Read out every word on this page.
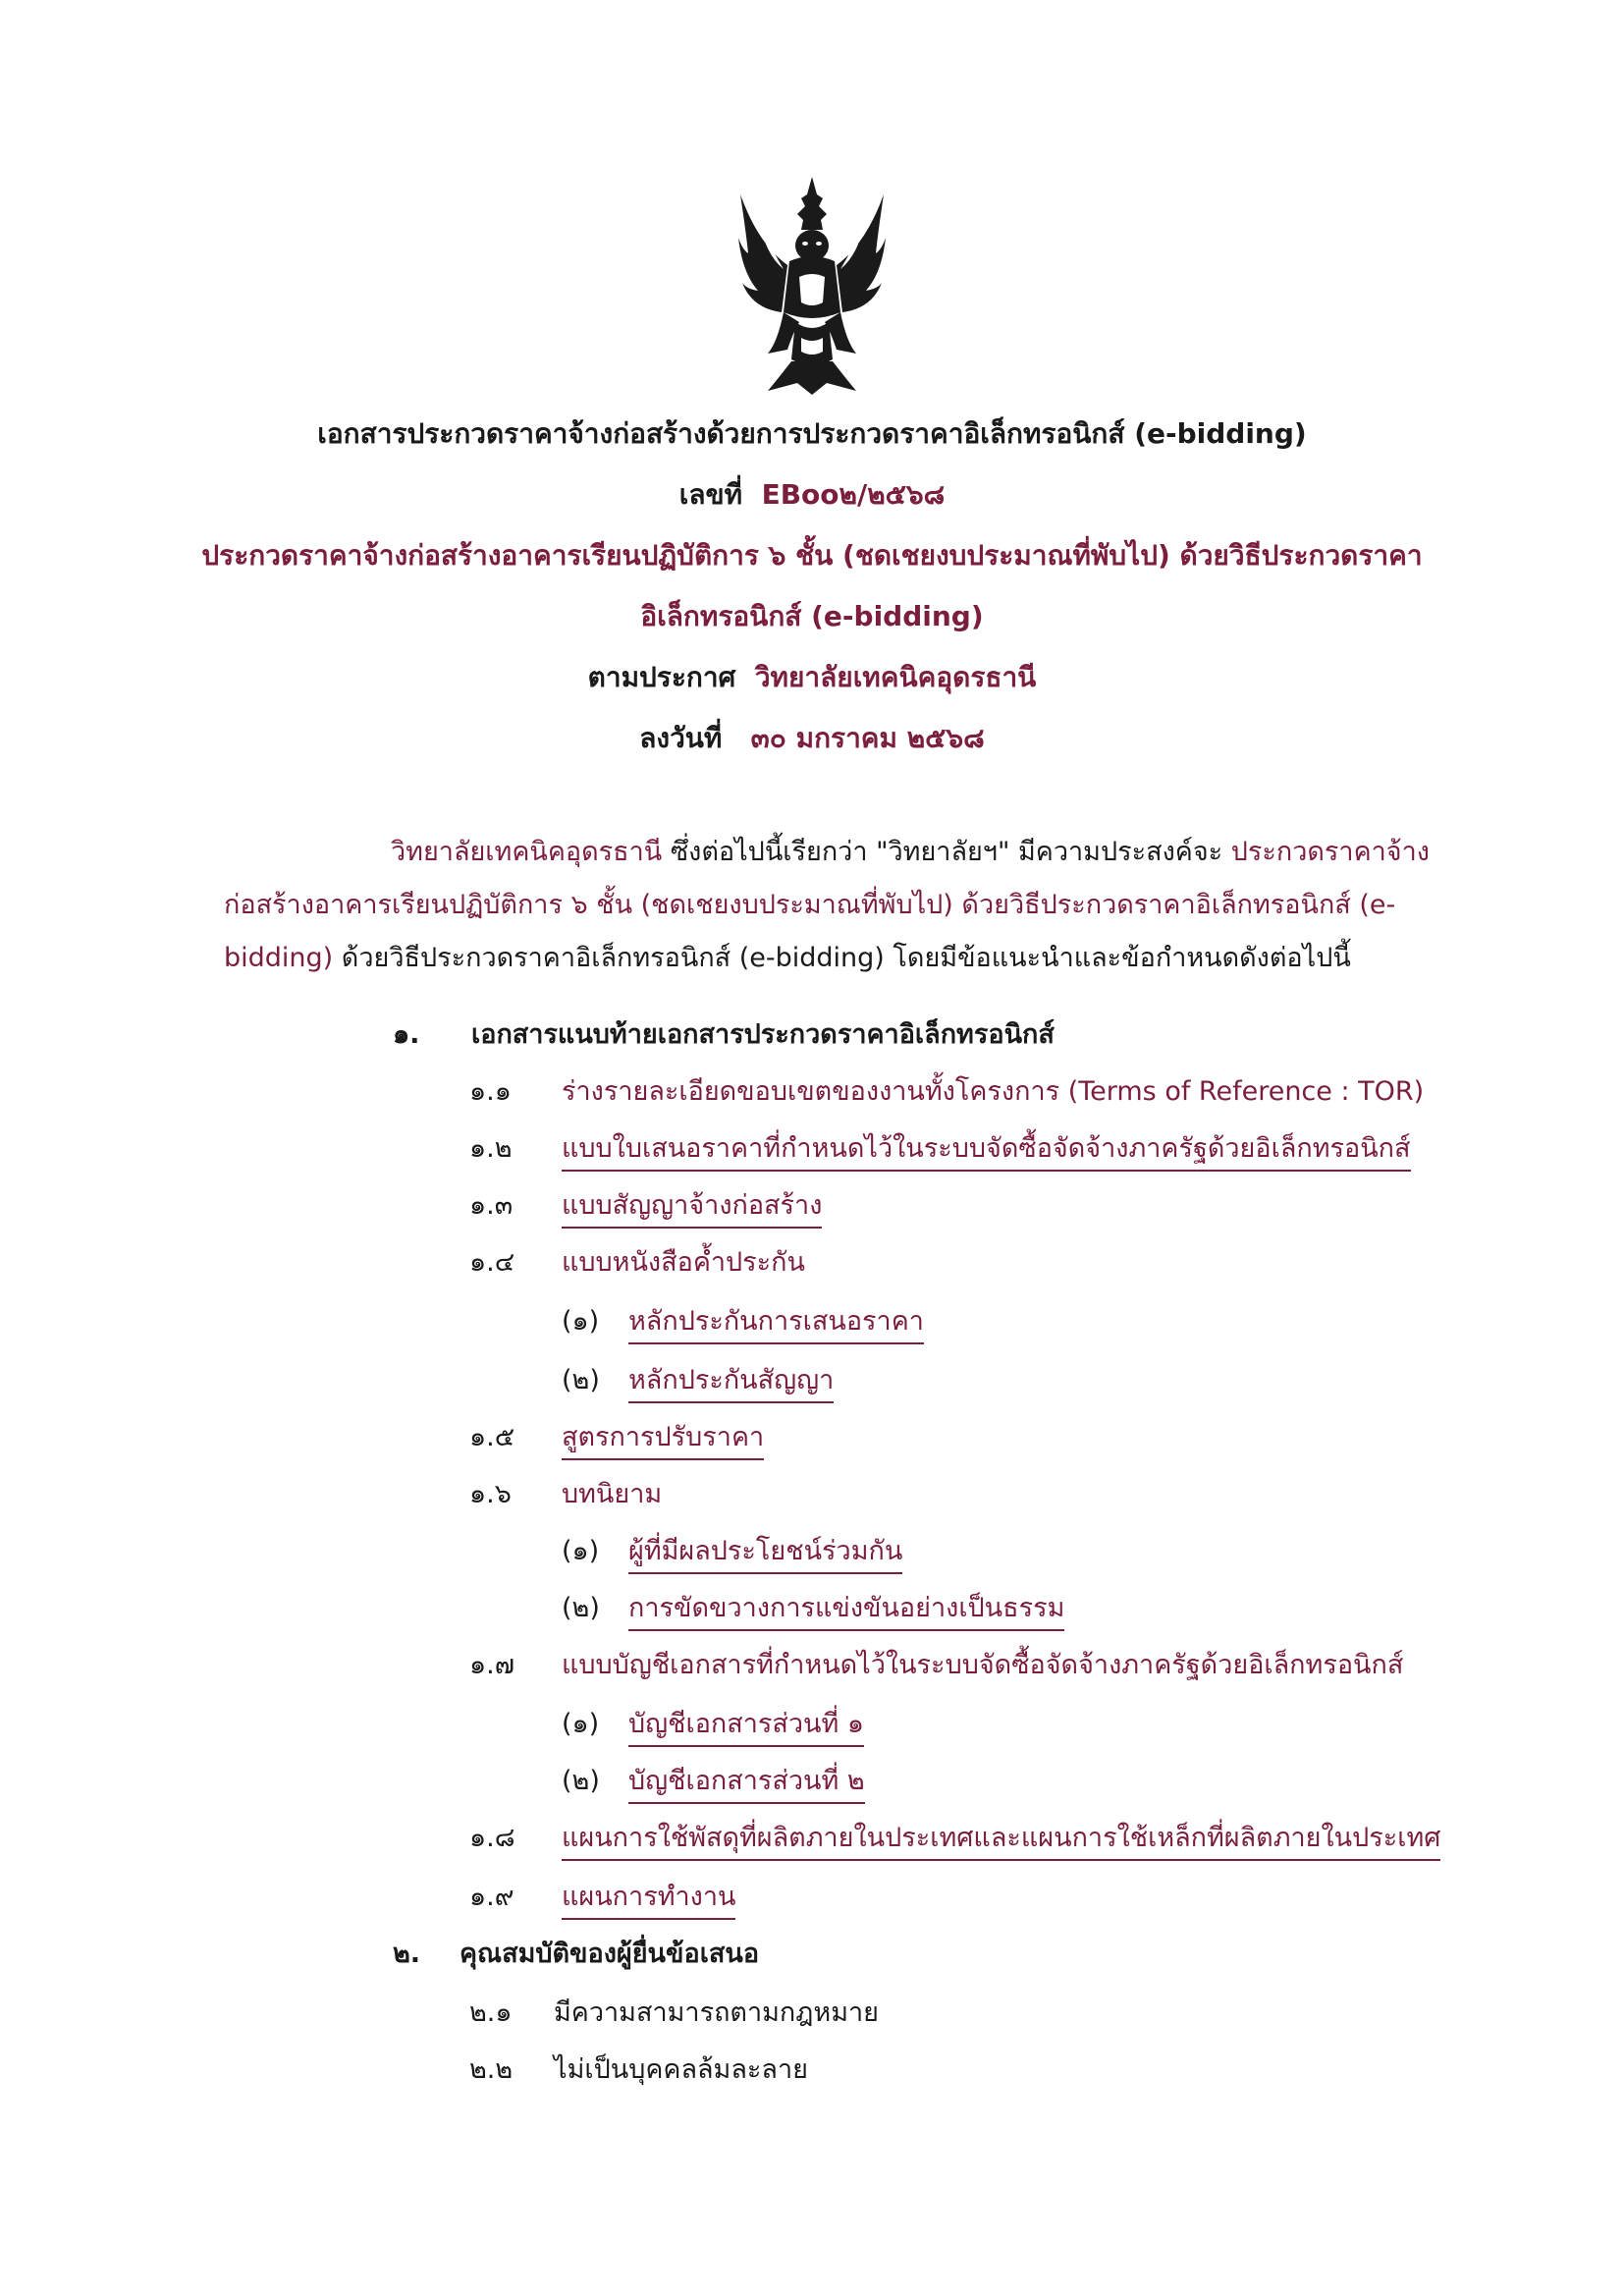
เอกสารประกวดราคาจ้างก่อสร้างด้วยการประกวดราคาอิเล็กทรอนิกส์ (e-bidding)
เลขที่ EBoo๒/๒๕๖๘
ประกวดราคาจ้างก่อสร้างอาคารเรียนปฏิบัติการ ๖ ชั้น (ชดเชยงบประมาณที่พับไป) ด้วยวิธีประกวดราคา
อิเล็กทรอนิกส์ (e-bidding)
ตามประกาศ วิทยาลัยเทคนิคอุดรธานี
ลงวันที่ ๓๐ มกราคม ๒๕๖๘
วิทยาลัยเทคนิคอุดรธานี ซึ่งต่อไปนี้เรียกว่า "วิทยาลัยฯ" มีความประสงค์จะ ประกวดราคาจ้าง
ก่อสร้างอาคารเรียนปฏิบัติการ ๖ ชั้น (ชดเชยงบประมาณที่พับไป) ด้วยวิธีประกวดราคาอิเล็กทรอนิกส์ (e-
bidding) ด้วยวิธีประกวดราคาอิเล็กทรอนิกส์ (e-bidding) โดยมีข้อแนะนำและข้อกำหนดดังต่อไปนี้
๑. เอกสารแนบท้ายเอกสารประกวดราคาอิเล็กทรอนิกส์
๑.๑ ร่างรายละเอียดขอบเขตของงานทั้งโครงการ (Terms of Reference : TOR)
๑.๒ แบบใบเสนอราคาที่กำหนดไว้ในระบบจัดซื้อจัดจ้างภาครัฐด้วยอิเล็กทรอนิกส์
๑.๓ แบบสัญญาจ้างก่อสร้าง
๑.๔ แบบหนังสือค้ำประกัน
(๑) หลักประกันการเสนอราคา
(๒) หลักประกันสัญญา
๑.๕ สูตรการปรับราคา
๑.๖ บทนิยาม
(๑) ผู้ที่มีผลประโยชน์ร่วมกัน
(๒) การขัดขวางการแข่งขันอย่างเป็นธรรม
๑.๗ แบบบัญชีเอกสารที่กำหนดไว้ในระบบจัดซื้อจัดจ้างภาครัฐด้วยอิเล็กทรอนิกส์
(๑) บัญชีเอกสารส่วนที่ ๑
(๒) บัญชีเอกสารส่วนที่ ๒
๑.๘ แผนการใช้พัสดุที่ผลิตภายในประเทศและแผนการใช้เหล็กที่ผลิตภายในประเทศ
๑.๙ แผนการทำงาน
๒. คุณสมบัติของผู้ยื่นข้อเสนอ
๒.๑ มีความสามารถตามกฎหมาย
๒.๒ ไม่เป็นบุคคลล้มละลาย
